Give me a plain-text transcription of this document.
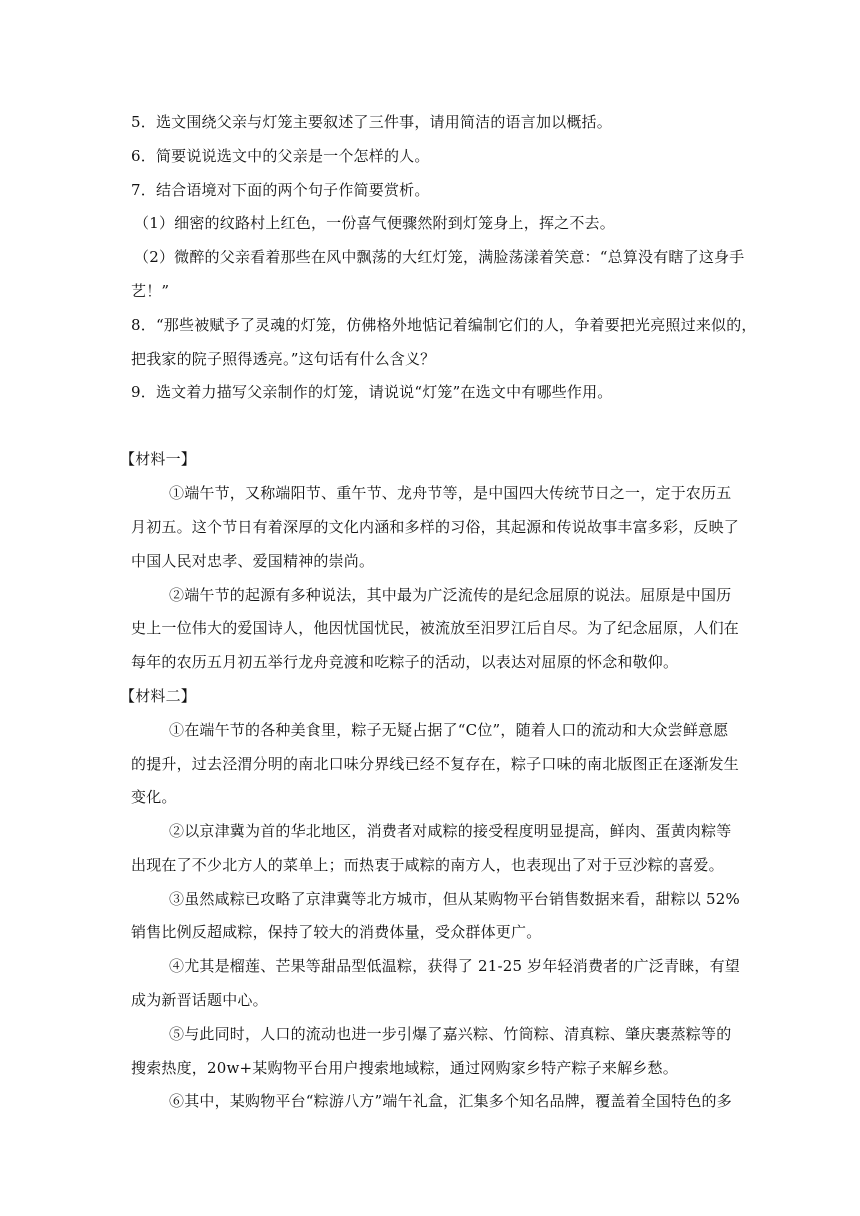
5．选文围绕父亲与灯笼主要叙述了三件事，请用简洁的语言加以概括。
6．简要说说选文中的父亲是一个怎样的人。
7．结合语境对下面的两个句子作简要赏析。
（1）细密的纹路村上红色，一份喜气便骤然附到灯笼身上，挥之不去。
（2）微醉的父亲看着那些在风中飘荡的大红灯笼，满脸荡漾着笑意：“总算没有瞎了这身手
艺！”
8．“那些被赋予了灵魂的灯笼，仿佛格外地惦记着编制它们的人，争着要把光亮照过来似的，
把我家的院子照得透亮。”这句话有什么含义？
9．选文着力描写父亲制作的灯笼，请说说“灯笼”在选文中有哪些作用。
【材料一】
①端午节，又称端阳节、重午节、龙舟节等，是中国四大传统节日之一，定于农历五
月初五。这个节日有着深厚的文化内涵和多样的习俗，其起源和传说故事丰富多彩，反映了
中国人民对忠孝、爱国精神的崇尚。
②端午节的起源有多种说法，其中最为广泛流传的是纪念屈原的说法。屈原是中国历
史上一位伟大的爱国诗人，他因忧国忧民，被流放至汨罗江后自尽。为了纪念屈原，人们在
每年的农历五月初五举行龙舟竞渡和吃粽子的活动，以表达对屈原的怀念和敬仰。
【材料二】
①在端午节的各种美食里，粽子无疑占据了“C位”，随着人口的流动和大众尝鲜意愿
的提升，过去泾渭分明的南北口味分界线已经不复存在，粽子口味的南北版图正在逐渐发生
变化。
②以京津冀为首的华北地区，消费者对咸粽的接受程度明显提高，鲜肉、蛋黄肉粽等
出现在了不少北方人的菜单上；而热衷于咸粽的南方人，也表现出了对于豆沙粽的喜爱。
③虽然咸粽已攻略了京津冀等北方城市，但从某购物平台销售数据来看，甜粽以 52%
销售比例反超咸粽，保持了较大的消费体量，受众群体更广。
④尤其是榴莲、芒果等甜品型低温粽，获得了 21-25 岁年轻消费者的广泛青睐，有望
成为新晋话题中心。
⑤与此同时，人口的流动也进一步引爆了嘉兴粽、竹筒粽、清真粽、肇庆裹蒸粽等的
搜索热度，20w+某购物平台用户搜索地域粽，通过网购家乡特产粽子来解乡愁。
⑥其中，某购物平台“粽游八方”端午礼盒，汇集多个知名品牌，覆盖着全国特色的多
